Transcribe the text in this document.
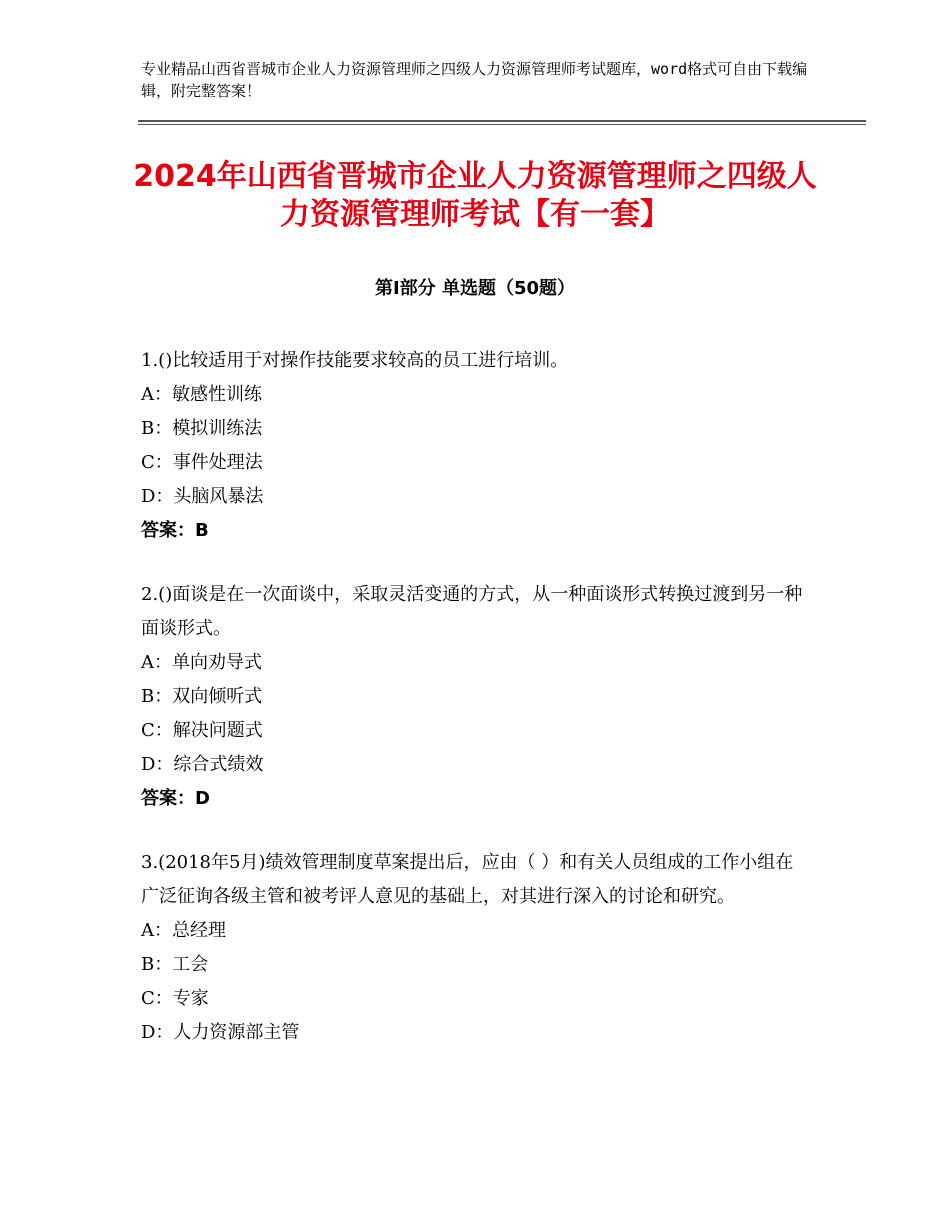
专业精品山西省晋城市企业人力资源管理师之四级人力资源管理师考试题库，word格式可自由下载编辑，附完整答案！
2024年山西省晋城市企业人力资源管理师之四级人力资源管理师考试【有一套】
第Ⅰ部分 单选题（50题）

1.()比较适用于对操作技能要求较高的员工进行培训。

A：敏感性训练

B：模拟训练法

C：事件处理法

D：头脑风暴法

答案：B

2.()面谈是在一次面谈中，采取灵活变通的方式，从一种面谈形式转换过渡到另一种面谈形式。

A：单向劝导式

B：双向倾听式

C：解决问题式

D：综合式绩效

答案：D

3.(2018年5月)绩效管理制度草案提出后，应由（ ）和有关人员组成的工作小组在广泛征询各级主管和被考评人意见的基础上，对其进行深入的讨论和研究。

A：总经理

B：工会

C：专家

D：人力资源部主管
